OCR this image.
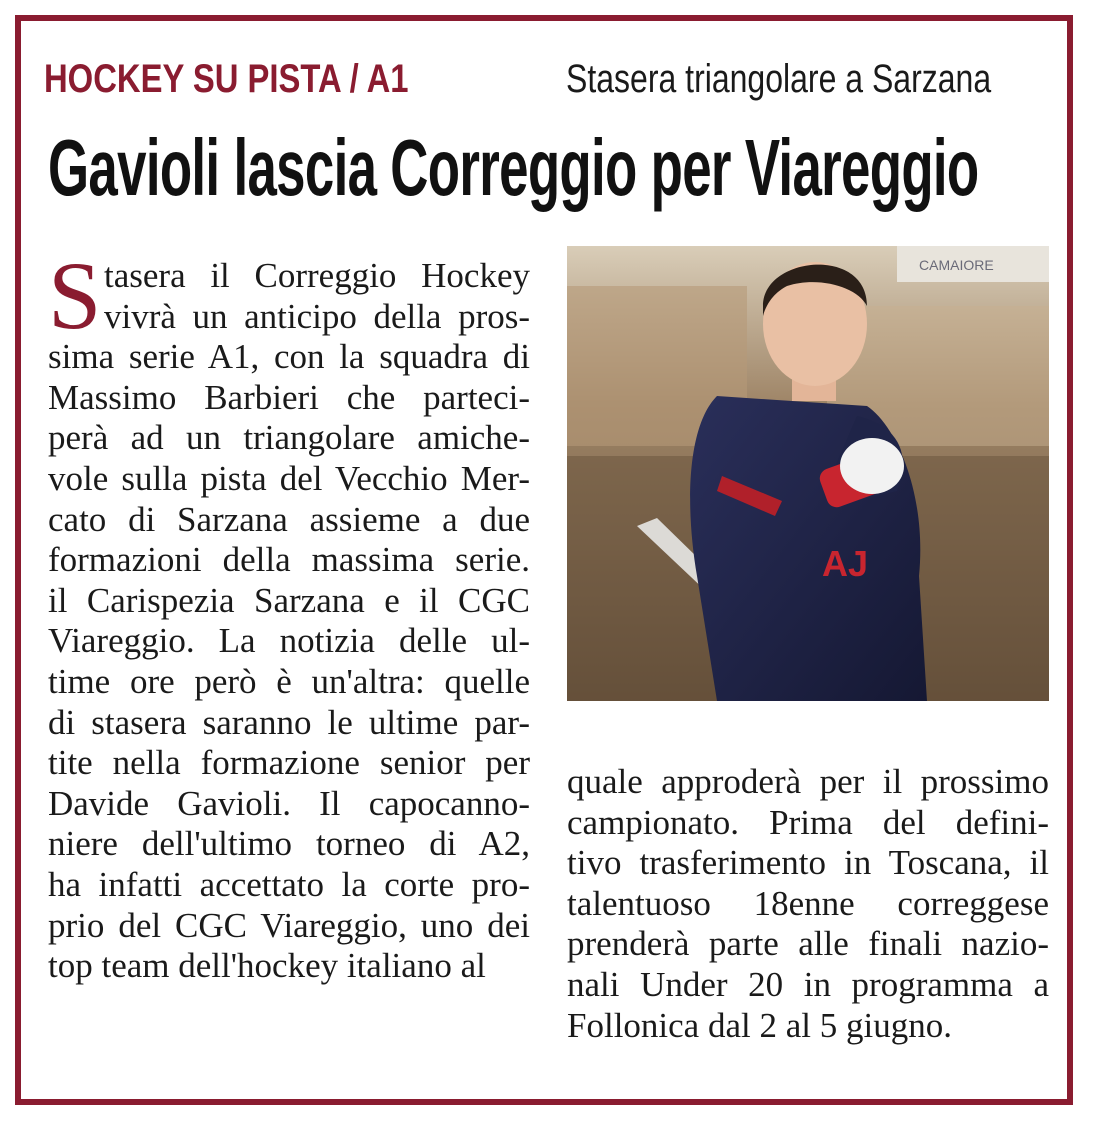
HOCKEY SU PISTA / A1	Stasera triangolare a Sarzana
Gavioli lascia Correggio per Viareggio
S tasera il Correggio Hockey
vivrà un anticipo della pros-
sima serie A1, con la squadra di
Massimo Barbieri che parteci-
perà ad un triangolare amiche-
vole sulla pista del Vecchio Mer-
cato di Sarzana assieme a due
formazioni della massima serie.
il Carispezia Sarzana e il CGC
Viareggio. La notizia delle ul-
time ore però è un'altra: quelle
di stasera saranno le ultime par-
tite nella formazione senior per
Davide Gavioli. Il capocanno-
niere dell'ultimo torneo di A2,
ha infatti accettato la corte pro-
prio del CGC Viareggio, uno dei
top team dell'hockey italiano al
CAMAIORE
AJ
quale approderà per il prossimo
campionato. Prima del defini-
tivo trasferimento in Toscana, il
talentuoso 18enne correggese
prenderà parte alle finali nazio-
nali Under 20 in programma a
Follonica dal 2 al 5 giugno.
